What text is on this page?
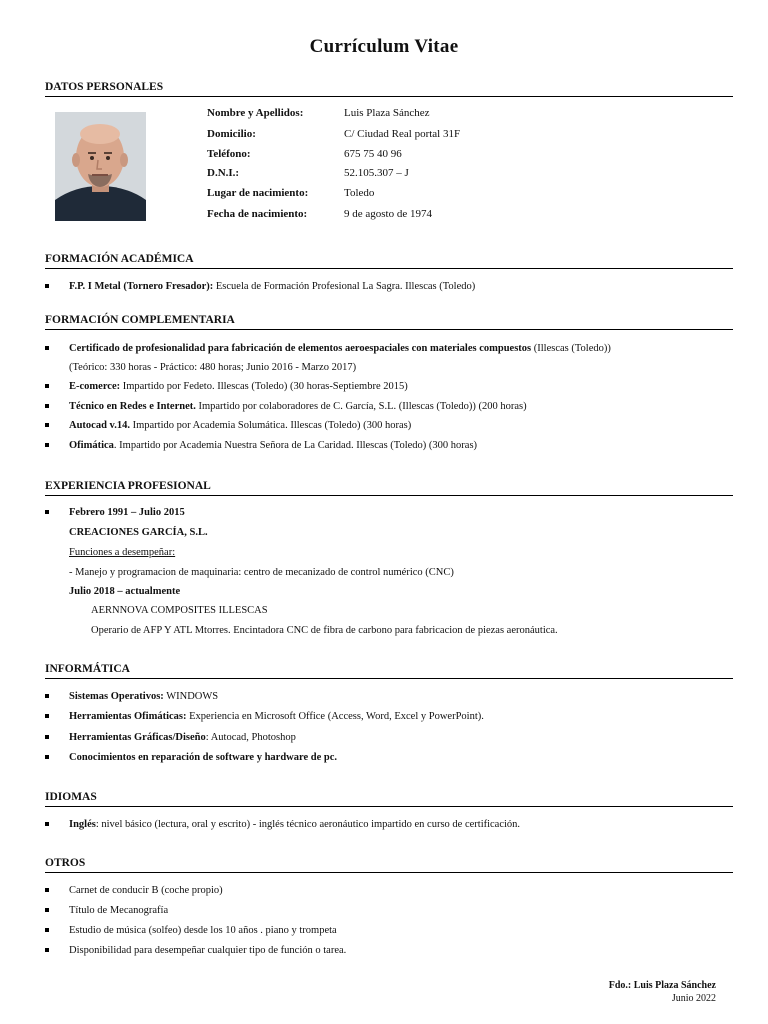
Currículum Vitae
DATOS PERSONALES
Nombre y Apellidos:	Luis Plaza Sánchez
Domicilio:	C/ Ciudad Real portal 31F
Teléfono:	675 75 40 96
D.N.I.:	52.105.307 – J
Lugar de nacimiento:	Toledo
Fecha de nacimiento:	9 de agosto de 1974
FORMACIÓN ACADÉMICA
F.P. I Metal (Tornero Fresador): Escuela de Formación Profesional La Sagra. Illescas (Toledo)
FORMACIÓN COMPLEMENTARIA
Certificado de profesionalidad para fabricación de elementos aeroespaciales con materiales compuestos (Illescas (Toledo))
(Teórico: 330 horas - Práctico: 480 horas; Junio 2016 - Marzo 2017)
E-comerce: Impartido por Fedeto. Illescas (Toledo) (30 horas-Septiembre 2015)
Técnico en Redes e Internet. Impartido por colaboradores de C. García, S.L. (Illescas (Toledo)) (200 horas)
Autocad v.14. Impartido por Academia Solumática. Illescas (Toledo) (300 horas)
Ofimática. Impartido por Academia Nuestra Señora de La Caridad. Illescas (Toledo) (300 horas)
EXPERIENCIA PROFESIONAL
Febrero 1991 – Julio 2015
CREACIONES GARCÍA, S.L.
Funciones a desempeñar:
- Manejo y programacion de maquinaria: centro de mecanizado de control numérico (CNC)
Julio 2018 – actualmente
AERNNOVA COMPOSITES ILLESCAS
Operario de AFP Y ATL Mtorres. Encintadora CNC de fibra de carbono para fabricacion de piezas aeronáutica.
INFORMÁTICA
Sistemas Operativos: WINDOWS
Herramientas Ofimáticas: Experiencia en Microsoft Office (Access, Word, Excel y PowerPoint).
Herramientas Gráficas/Diseño: Autocad, Photoshop
Conocimientos en reparación de software y hardware de pc.
IDIOMAS
Inglés: nivel básico (lectura, oral y escrito) - inglés técnico aeronáutico impartido en curso de certificación.
OTROS
Carnet de conducir B (coche propio)
Título de Mecanografía
Estudio de música (solfeo) desde los 10 años . piano y trompeta
Disponibilidad para desempeñar cualquier tipo de función o tarea.
Fdo.: Luis Plaza Sánchez
Junio 2022
